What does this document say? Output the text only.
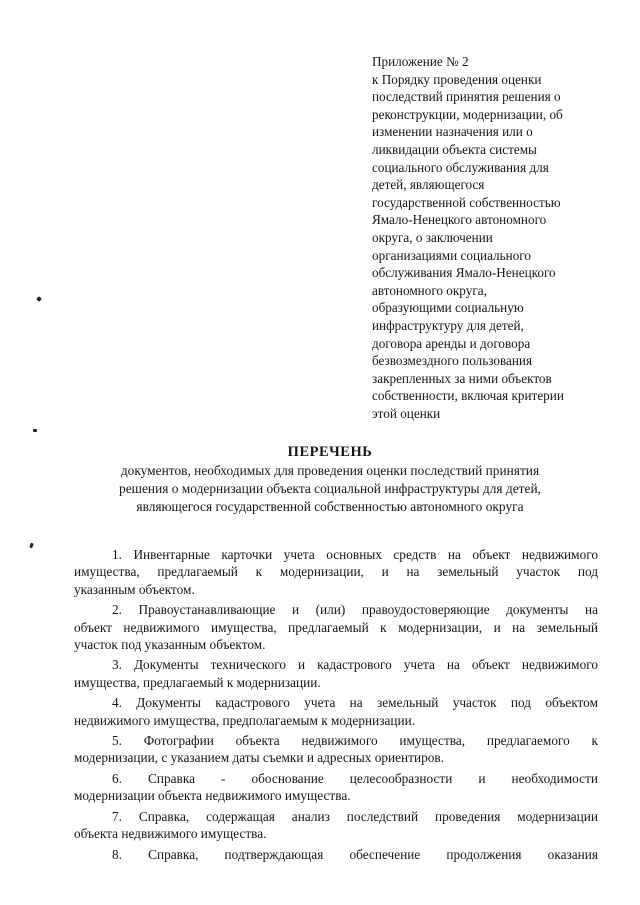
Приложение № 2
к Порядку проведения оценки
последствий принятия решения о
реконструкции, модернизации, об
изменении назначения или о
ликвидации объекта системы
социального обслуживания для
детей, являющегося
государственной собственностью
Ямало-Ненецкого автономного
округа, о заключении
организациями социального
обслуживания Ямало-Ненецкого
автономного округа,
образующими социальную
инфраструктуру для детей,
договора аренды и договора
безвозмездного пользования
закрепленных за ними объектов
собственности, включая критерии
этой оценки
ПЕРЕЧЕНЬ
документов, необходимых для проведения оценки последствий принятия
решения о модернизации объекта социальной инфраструктуры для детей,
являющегося государственной собственностью автономного округа
1. Инвентарные карточки учета основных средств на объект недвижимого
имущества, предлагаемый к модернизации, и на земельный участок под
указанным объектом.
2. Правоустанавливающие и (или) правоудостоверяющие документы на
объект недвижимого имущества, предлагаемый к модернизации, и на земельный
участок под указанным объектом.
3. Документы технического и кадастрового учета на объект недвижимого
имущества, предлагаемый к модернизации.
4. Документы кадастрового учета на земельный участок под объектом
недвижимого имущества, предполагаемым к модернизации.
5. Фотографии объекта недвижимого имущества, предлагаемого к
модернизации, с указанием даты съемки и адресных ориентиров.
6. Справка - обоснование целесообразности и необходимости
модернизации объекта недвижимого имущества.
7. Справка, содержащая анализ последствий проведения модернизации
объекта недвижимого имущества.
8. Справка, подтверждающая обеспечение продолжения оказания
